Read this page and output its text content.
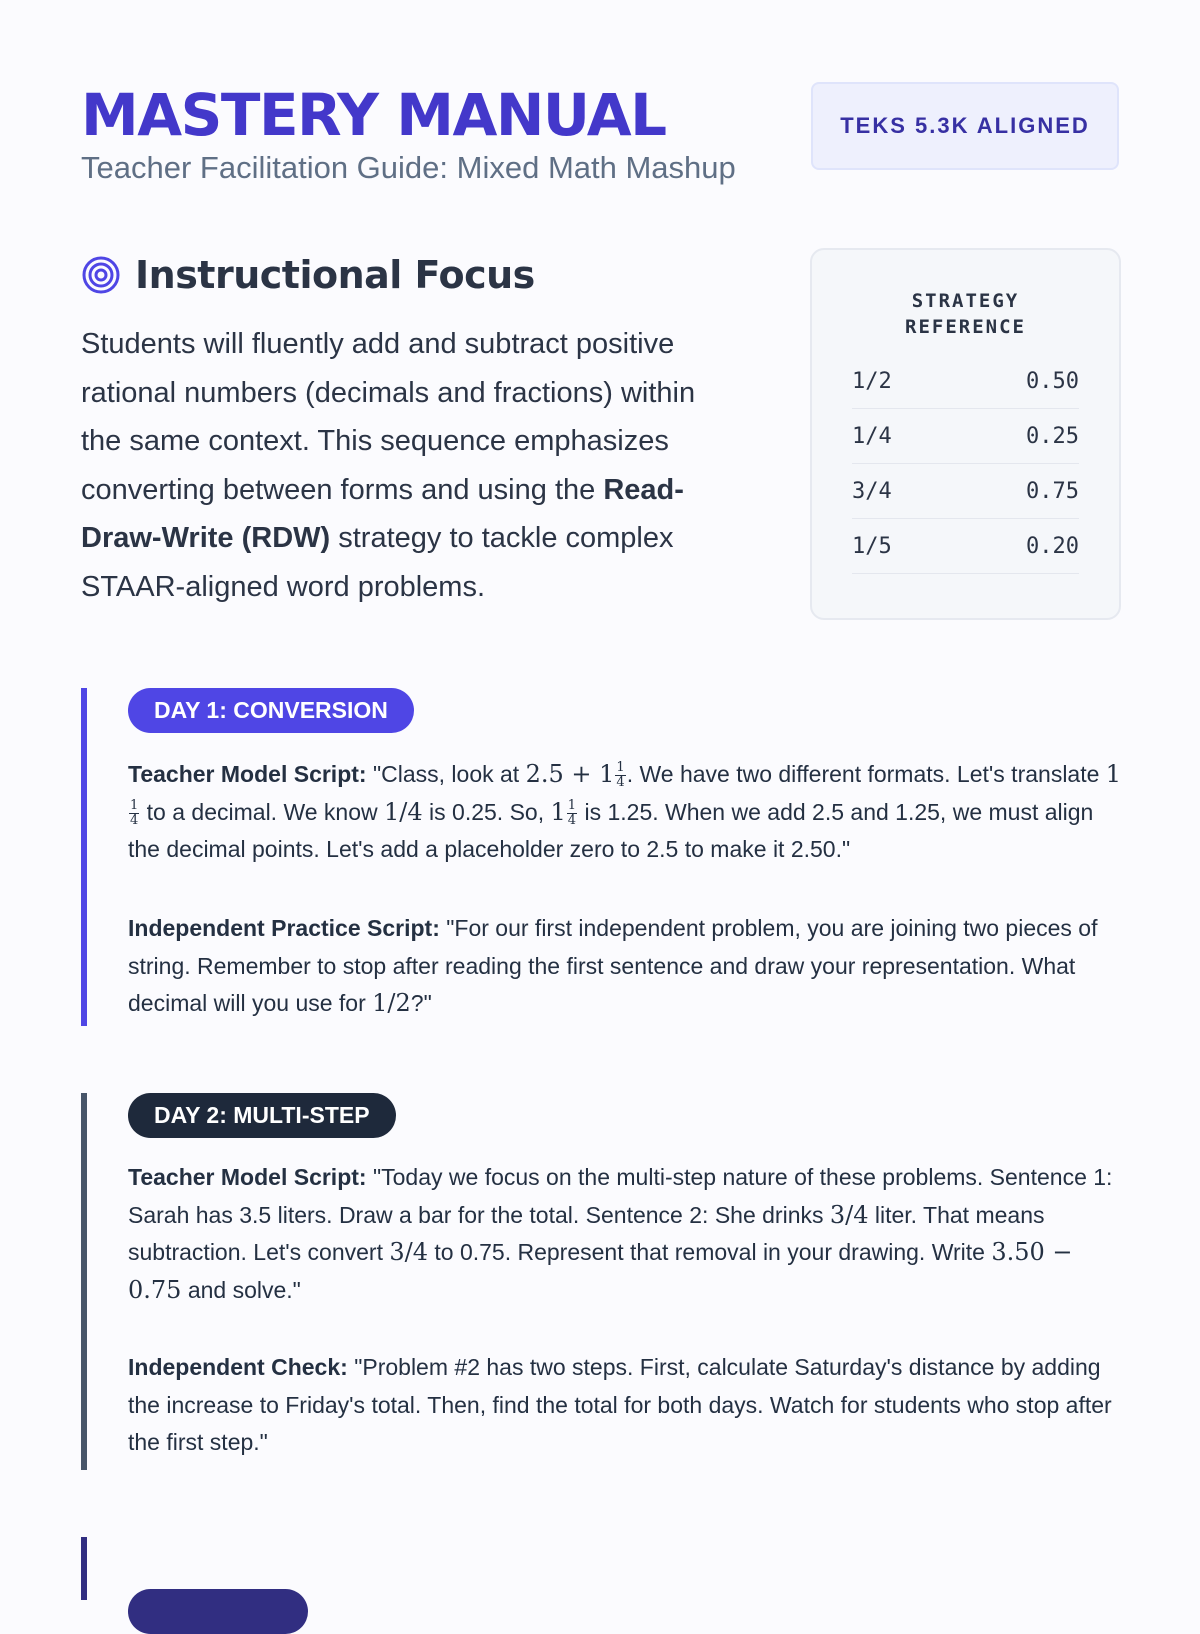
MASTERY MANUAL
Teacher Facilitation Guide: Mixed Math Mashup
TEKS 5.3K ALIGNED
Instructional Focus
Students will fluently add and subtract positive rational numbers (decimals and fractions) within the same context. This sequence emphasizes converting between forms and using the Read-Draw-Write (RDW) strategy to tackle complex STAAR-aligned word problems.
STRATEGY
REFERENCE
1/2	0.50
1/4	0.25
3/4	0.75
1/5	0.20
DAY 1: CONVERSION
Teacher Model Script: "Class, look at $2.5 + 1 \frac{1}{4}$ . We have two different formats. Let's translate 1
$\frac{1}{4}$ to a decimal. We know 1/4 is 0.25. So, $1 \frac{1}{4}$ is 1.25. When we add 2.5 and 1.25, we must align the decimal points. Let's add a placeholder zero to 2.5 to make it 2.50."
Independent Practice Script: "For our first independent problem, you are joining two pieces of string. Remember to stop after reading the first sentence and draw your representation. What decimal will you use for 1/2?"
DAY 2: MULTI-STEP
Teacher Model Script: "Today we focus on the multi-step nature of these problems. Sentence 1: Sarah has 3.5 liters. Draw a bar for the total. Sentence 2: She drinks 3/4 liter. That means subtraction. Let's convert 3/4 to 0.75. Represent that removal in your drawing. Write 3.50 − 0.75 and solve."
Independent Check: "Problem #2 has two steps. First, calculate Saturday's distance by adding the increase to Friday's total. Then, find the total for both days. Watch for students who stop after the first step."
